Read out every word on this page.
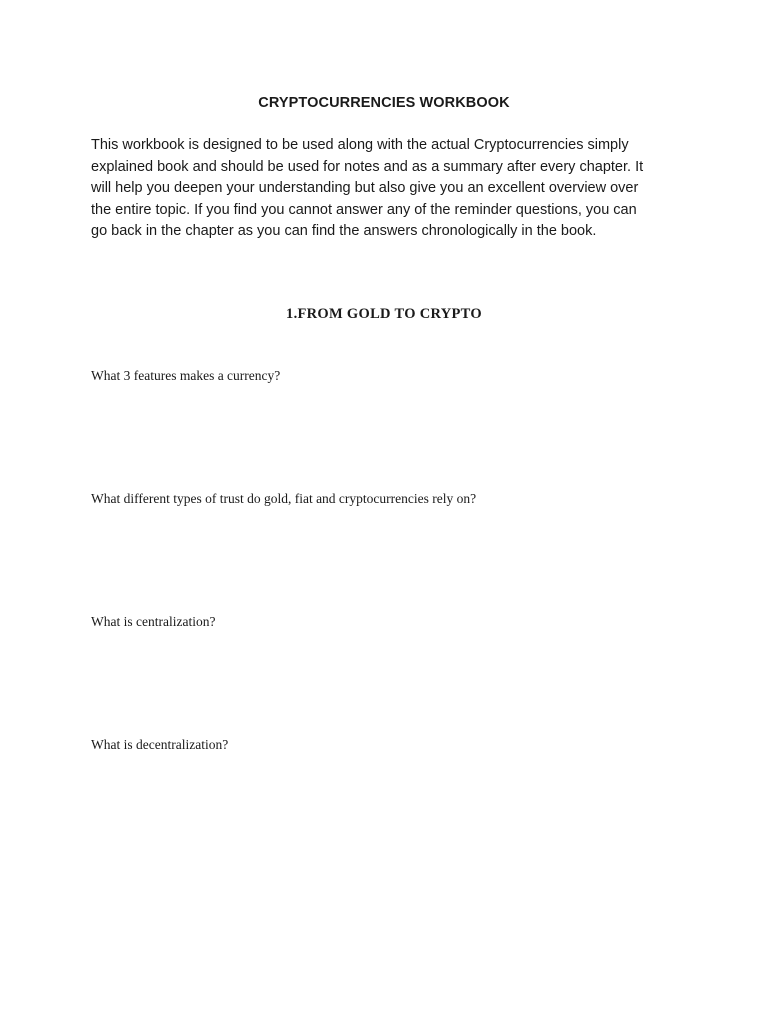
CRYPTOCURRENCIES WORKBOOK

This workbook is designed to be used along with the actual Cryptocurrencies simply
explained book and should be used for notes and as a summary after every chapter. It
will help you deepen your understanding but also give you an excellent overview over
the entire topic. If you find you cannot answer any of the reminder questions, you can
go back in the chapter as you can find the answers chronologically in the book.

1.FROM GOLD TO CRYPTO
What 3 features makes a currency?
What different types of trust do gold, fiat and cryptocurrencies rely on?
What is centralization?
What is decentralization?
